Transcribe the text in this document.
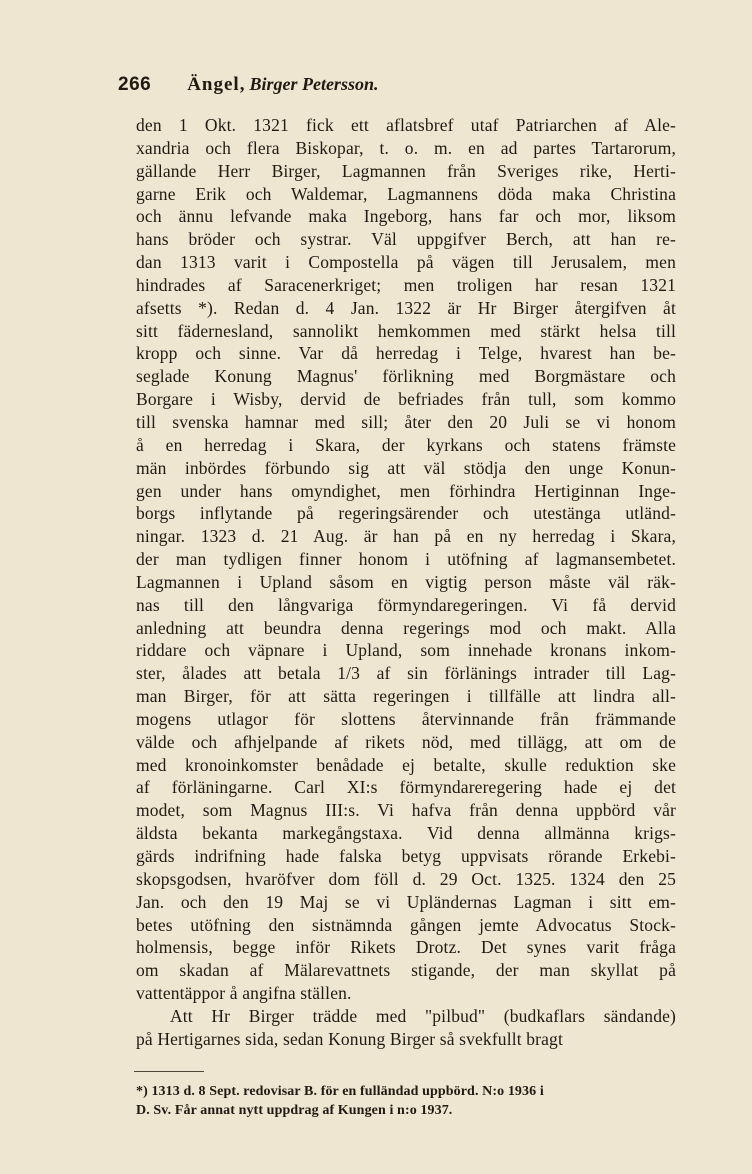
266 Ängel, Birger Petersson.
den 1 Okt. 1321 fick ett aflatsbref utaf Patriarchen af Ale-
xandria och flera Biskopar, t. o. m. en ad partes Tartarorum,
gällande Herr Birger, Lagmannen från Sveriges rike, Herti-
garne Erik och Waldemar, Lagmannens döda maka Christina
och ännu lefvande maka Ingeborg, hans far och mor, liksom
hans bröder och systrar. Väl uppgifver Berch, att han re-
dan 1313 varit i Compostella på vägen till Jerusalem, men
hindrades af Saracenerkriget; men troligen har resan 1321
afsetts *). Redan d. 4 Jan. 1322 är Hr Birger återgifven åt
sitt fädernesland, sannolikt hemkommen med stärkt helsa till
kropp och sinne. Var då herredag i Telge, hvarest han be-
seglade Konung Magnus' förlikning med Borgmästare och
Borgare i Wisby, dervid de befriades från tull, som kommo
till svenska hamnar med sill; åter den 20 Juli se vi honom
å en herredag i Skara, der kyrkans och statens främste
män inbördes förbundo sig att väl stödja den unge Konun-
gen under hans omyndighet, men förhindra Hertiginnan Inge-
borgs inflytande på regeringsärender och utestänga utländ-
ningar. 1323 d. 21 Aug. är han på en ny herredag i Skara,
der man tydligen finner honom i utöfning af lagmansembetet.
Lagmannen i Upland såsom en vigtig person måste väl räk-
nas till den långvariga förmyndaregeringen. Vi få dervid
anledning att beundra denna regerings mod och makt. Alla
riddare och väpnare i Upland, som innehade kronans inkom-
ster, ålades att betala 1/3 af sin förlänings intrader till Lag-
man Birger, för att sätta regeringen i tillfälle att lindra all-
mogens utlagor för slottens återvinnande från främmande
välde och afhjelpande af rikets nöd, med tillägg, att om de
med kronoinkomster benådade ej betalte, skulle reduktion ske
af förläningarne. Carl XI:s förmyndareregering hade ej det
modet, som Magnus III:s. Vi hafva från denna uppbörd vår
äldsta bekanta markegångstaxa. Vid denna allmänna krigs-
gärds indrifning hade falska betyg uppvisats rörande Erkebi-
skopsgodsen, hvaröfver dom föll d. 29 Oct. 1325. 1324 den 25
Jan. och den 19 Maj se vi Upländernas Lagman i sitt em-
betes utöfning den sistnämnda gången jemte Advocatus Stock-
holmensis, begge inför Rikets Drotz. Det synes varit fråga
om skadan af Mälarevattnets stigande, der man skyllat på
vattentäppor å angifna ställen.
Att Hr Birger trädde med "pilbud" (budkaflars sändande)
på Hertigarnes sida, sedan Konung Birger så svekfullt bragt
*) 1313 d. 8 Sept. redovisar B. för en fulländad uppbörd. N:o 1936 i
D. Sv. Får annat nytt uppdrag af Kungen i n:o 1937.
